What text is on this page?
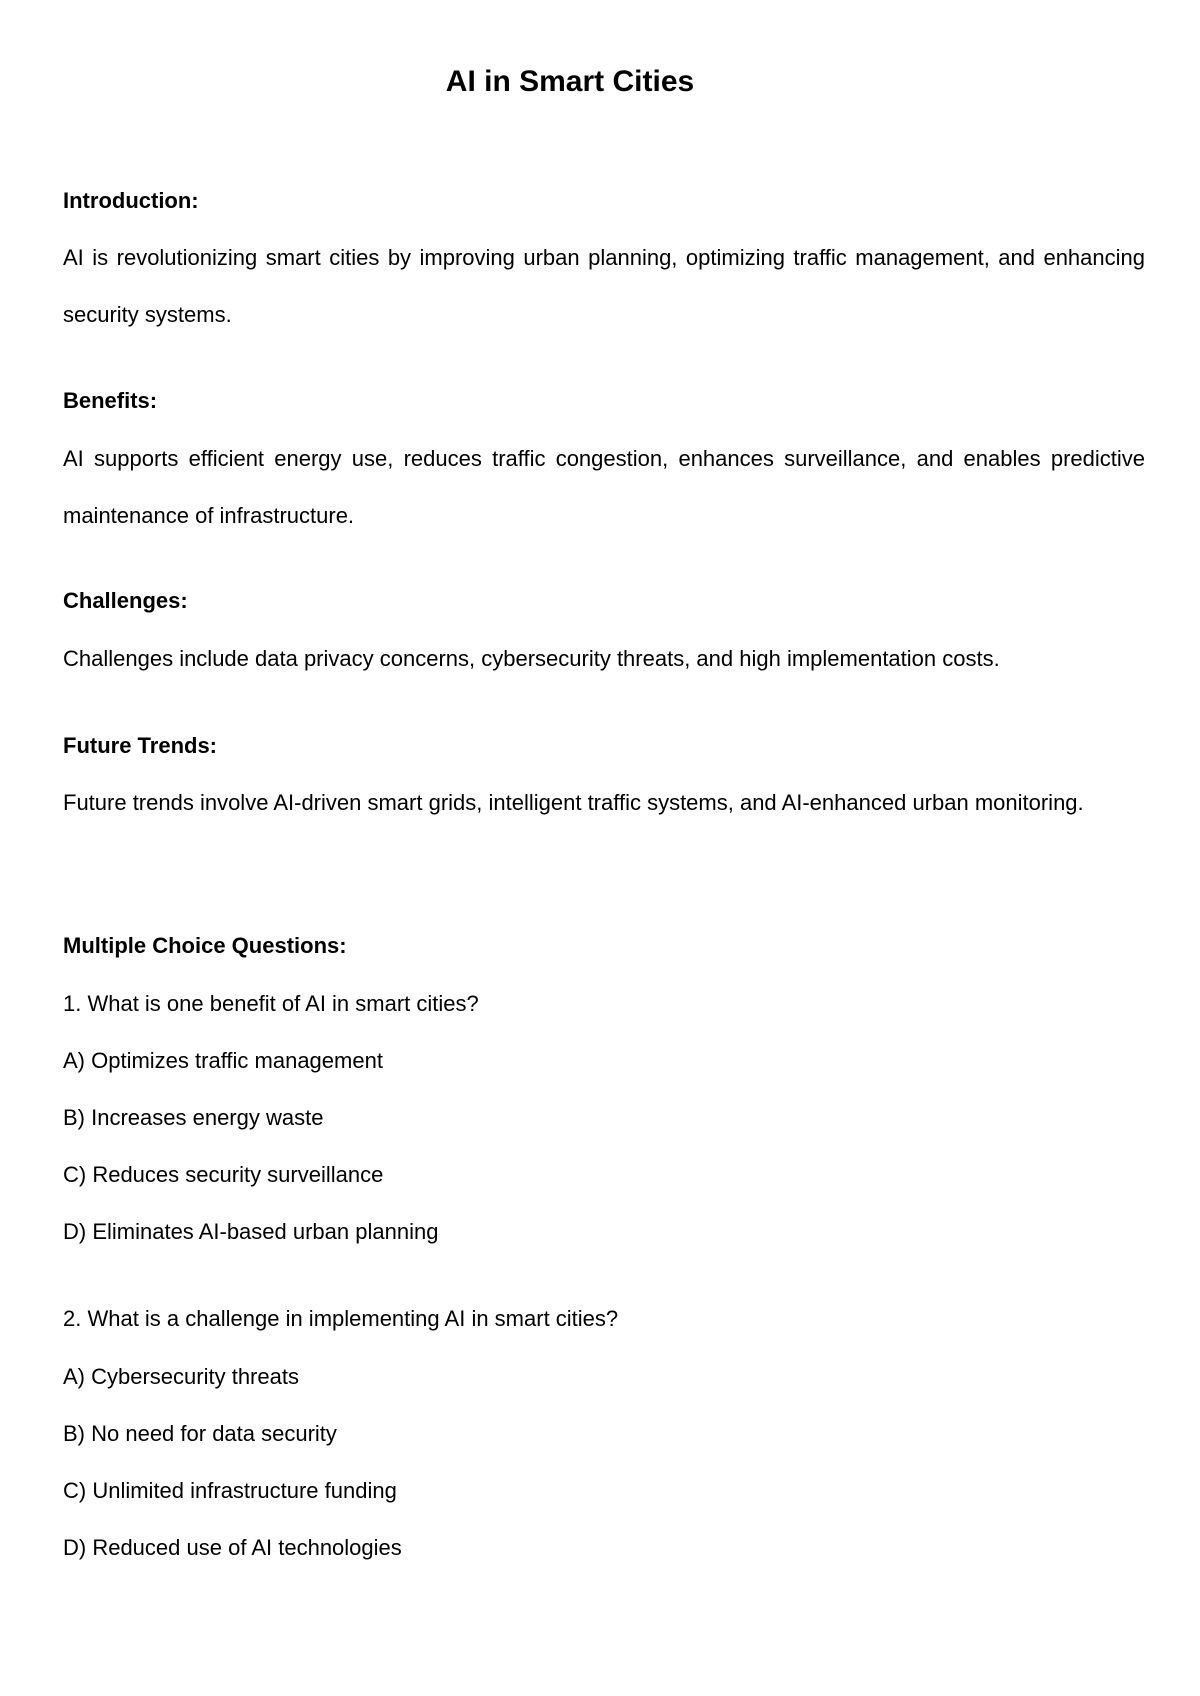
AI in Smart Cities
Introduction:
AI is revolutionizing smart cities by improving urban planning, optimizing traffic management, and enhancing security systems.
Benefits:
AI supports efficient energy use, reduces traffic congestion, enhances surveillance, and enables predictive maintenance of infrastructure.
Challenges:
Challenges include data privacy concerns, cybersecurity threats, and high implementation costs.
Future Trends:
Future trends involve AI-driven smart grids, intelligent traffic systems, and AI-enhanced urban monitoring.
Multiple Choice Questions:
1. What is one benefit of AI in smart cities?
A) Optimizes traffic management
B) Increases energy waste
C) Reduces security surveillance
D) Eliminates AI-based urban planning
2. What is a challenge in implementing AI in smart cities?
A) Cybersecurity threats
B) No need for data security
C) Unlimited infrastructure funding
D) Reduced use of AI technologies
